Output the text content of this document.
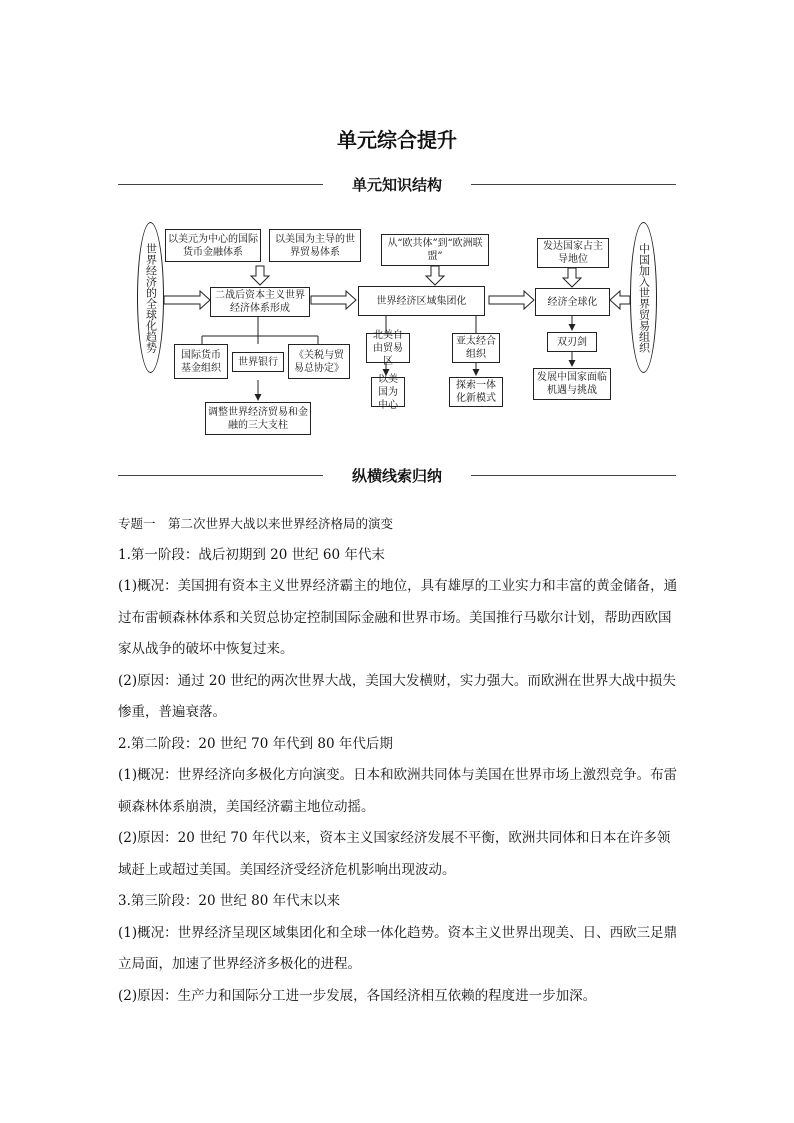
单元综合提升
单元知识结构
世界经济的全球化趋势	中国加入世界贸易组织
以美元为中心的国际货币金融体系
以美国为主导的世界贸易体系
二战后资本主义世界经济体系形成
国际货币基金组织
世界银行
《关税与贸易总协定》
调整世界经济贸易和金融的三大支柱
从“欧共体”到“欧洲联盟”
世界经济区域集团化
北美自由贸易区
以美国为中心
亚太经合组织
探索一体化新模式
发达国家占主导地位
经济全球化
双刃剑
发展中国家面临机遇与挑战
纵横线索归纳

专题一　第二次世界大战以来世界经济格局的演变

1.第一阶段：战后初期到 20 世纪 60 年代末

(1)概况：美国拥有资本主义世界经济霸主的地位，具有雄厚的工业实力和丰富的黄金储备，通过布雷顿森林体系和关贸总协定控制国际金融和世界市场。美国推行马歇尔计划，帮助西欧国家从战争的破坏中恢复过来。

(2)原因：通过 20 世纪的两次世界大战，美国大发横财，实力强大。而欧洲在世界大战中损失惨重，普遍衰落。

2.第二阶段：20 世纪 70 年代到 80 年代后期

(1)概况：世界经济向多极化方向演变。日本和欧洲共同体与美国在世界市场上激烈竞争。布雷顿森林体系崩溃，美国经济霸主地位动摇。

(2)原因：20 世纪 70 年代以来，资本主义国家经济发展不平衡，欧洲共同体和日本在许多领域赶上或超过美国。美国经济受经济危机影响出现波动。

3.第三阶段：20 世纪 80 年代末以来

(1)概况：世界经济呈现区域集团化和全球一体化趋势。资本主义世界出现美、日、西欧三足鼎立局面，加速了世界经济多极化的进程。

(2)原因：生产力和国际分工进一步发展，各国经济相互依赖的程度进一步加深。
